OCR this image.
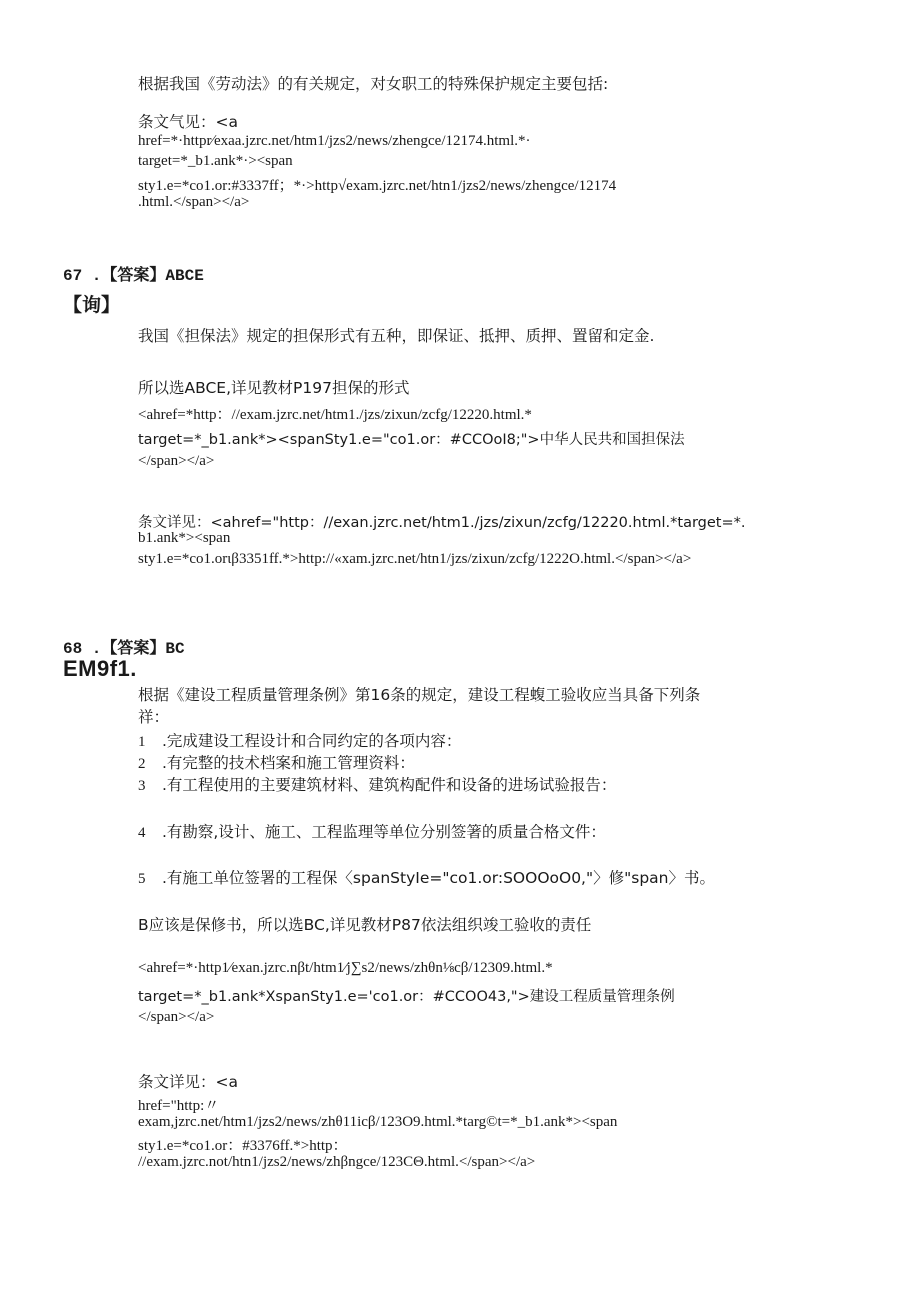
根据我国《劳动法》的有关规定，对女职工的特殊保护规定主要包括:

条文气见：<a

href=*·httpr∕exaa.jzrc.net/htm1/jzs2/news/zhengce/12174.html.*·

target=*_b1.ank*·><span

sty1.e=*co1.or:#3337ff；*·>http√exam.jzrc.net/htn1/jzs2/news/zhengce/12174

.html.</span></a>

67 .【答案】ABCE

【询】

我国《担保法》规定的担保形式有五种，即保证、抵押、质押、置留和定金.

所以选ABCE,详见教材P197担保的形式

<ahref=*http：//exam.jzrc.net/htm1./jzs/zixun/zcfg/12220.html.*

target=*_b1.ank*><spanSty1.e="co1.or：#CCOoI8;">中华人民共和国担保法

</span></a>

条文详见：<ahref="http：//exan.jzrc.net/htm1./jzs/zixun/zcfg/12220.html.*target=*.

b1.ank*><span

sty1.e=*co1.orιβ3351ff.*>http://«xam.jzrc.net/htn1/jzs/zixun/zcfg/1222O.html.</span></a>

68 .【答案】BC

EM9f1.

根据《建设工程质量管理条例》第16条的规定，建设工程蝮工验收应当具备下列条

祥：

1 .完成建设工程设计和合同约定的各项内容：

2 .有完整的技术档案和施工管理资料：

3 .有工程使用的主要建筑材料、建筑构配件和设备的进场试验报告：

4 .有勘察,设计、施工、工程监理等单位分别签箸的质量合格文件：

5 .有施工单位签署的工程保〈spanStyIe="co1.or:SOOOoO0,"〉修"span〉书。

B应该是保修书，所以选BC,详见教材P87依法组织竣工验收的责任

<ahref=*·http1∕exan.jzrc.nβt/htm1∕j∑s2/news/zhθn⅛cβ/12309.html.*

target=*_b1.ank*XspanSty1.e='co1.or：#CCOO43,">建设工程质量管理条例

</span></a>

条文详见：<a

href="http:〃

exam,jzrc.net/htm1/jzs2/news/zhθ11icβ/123O9.html.*targ©t=*_b1.ank*><span

sty1.e=*co1.or：#3376ff.*>http：

//exam.jzrc.not/htn1/jzs2/news/zhβngce/123CΘ.html.</span></a>
